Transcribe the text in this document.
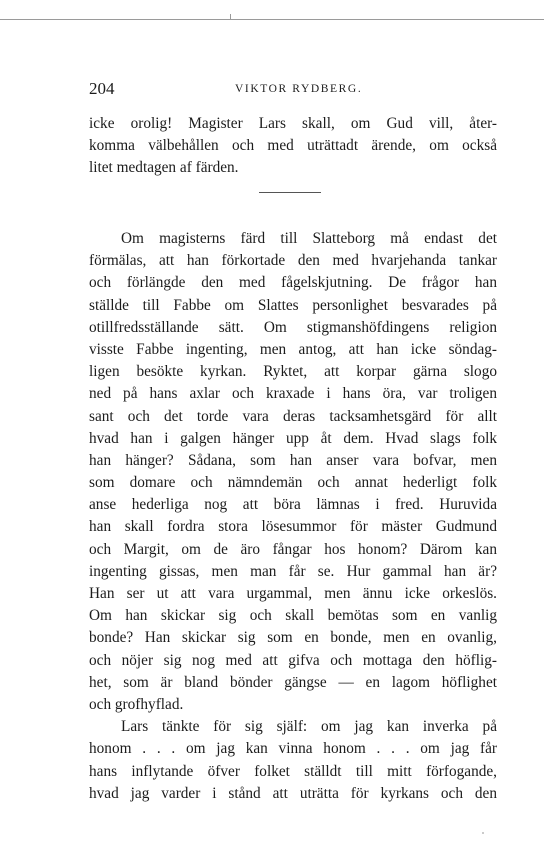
204	VIKTOR RYDBERG.
icke orolig! Magister Lars skall, om Gud vill, åter-
komma välbehållen och med uträttadt ärende, om också
litet medtagen af färden.
Om magisterns färd till Slatteborg må endast det
förmälas, att han förkortade den med hvarjehanda tankar
och förlängde den med fågelskjutning. De frågor han
ställde till Fabbe om Slattes personlighet besvarades på
otillfredsställande sätt. Om stigmanshöfdingens religion
visste Fabbe ingenting, men antog, att han icke söndag-
ligen besökte kyrkan. Ryktet, att korpar gärna slogo
ned på hans axlar och kraxade i hans öra, var troligen
sant och det torde vara deras tacksamhetsgärd för allt
hvad han i galgen hänger upp åt dem. Hvad slags folk
han hänger? Sådana, som han anser vara bofvar, men
som domare och nämndemän och annat hederligt folk
anse hederliga nog att böra lämnas i fred. Huruvida
han skall fordra stora lösesummor för mäster Gudmund
och Margit, om de äro fångar hos honom? Därom kan
ingenting gissas, men man får se. Hur gammal han är?
Han ser ut att vara urgammal, men ännu icke orkeslös.
Om han skickar sig och skall bemötas som en vanlig
bonde? Han skickar sig som en bonde, men en ovanlig,
och nöjer sig nog med att gifva och mottaga den höflig-
het, som är bland bönder gängse — en lagom höflighet
och grofhyflad.
Lars tänkte för sig själf: om jag kan inverka på
honom . . . om jag kan vinna honom . . . om jag får
hans inflytande öfver folket ställdt till mitt förfogande,
hvad jag varder i stånd att uträtta för kyrkans och den
